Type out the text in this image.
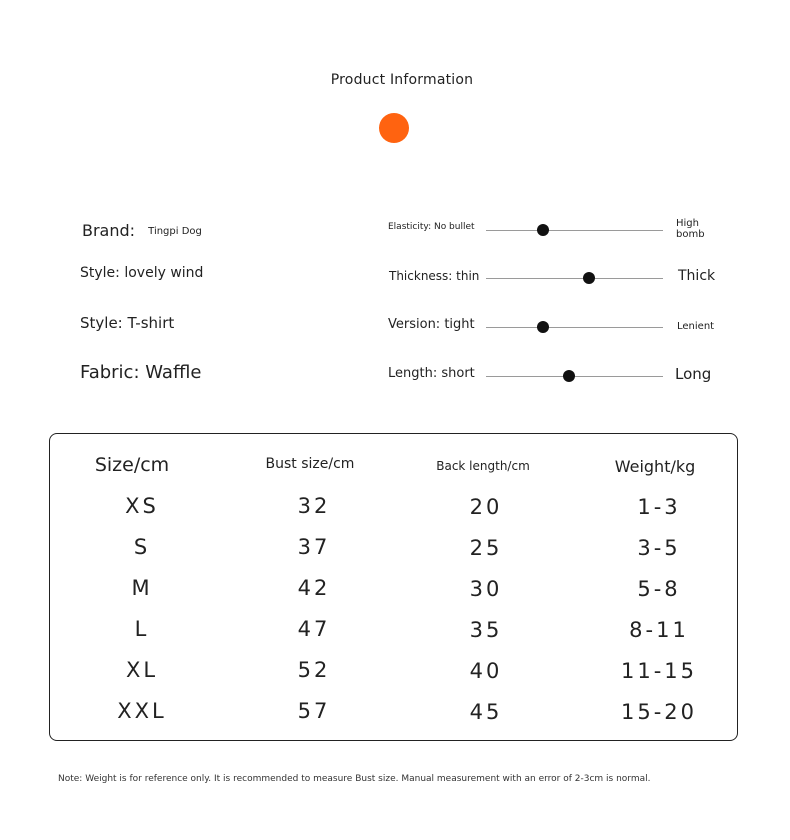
Product Information
Brand: Tingpi Dog
Style: lovely wind
Style: T-shirt
Fabric: Waffle
Elasticity: No bullet	High bomb
Thickness: thin	Thick
Version: tight	Lenient
Length: short	Long
Size/cm	Bust size/cm	Back length/cm	Weight/kg
XS	32	20	1-3
S	37	25	3-5
M	42	30	5-8
L	47	35	8-11
XL	52	40	11-15
XXL	57	45	15-20
Note: Weight is for reference only. It is recommended to measure Bust size. Manual measurement with an error of 2-3cm is normal.
